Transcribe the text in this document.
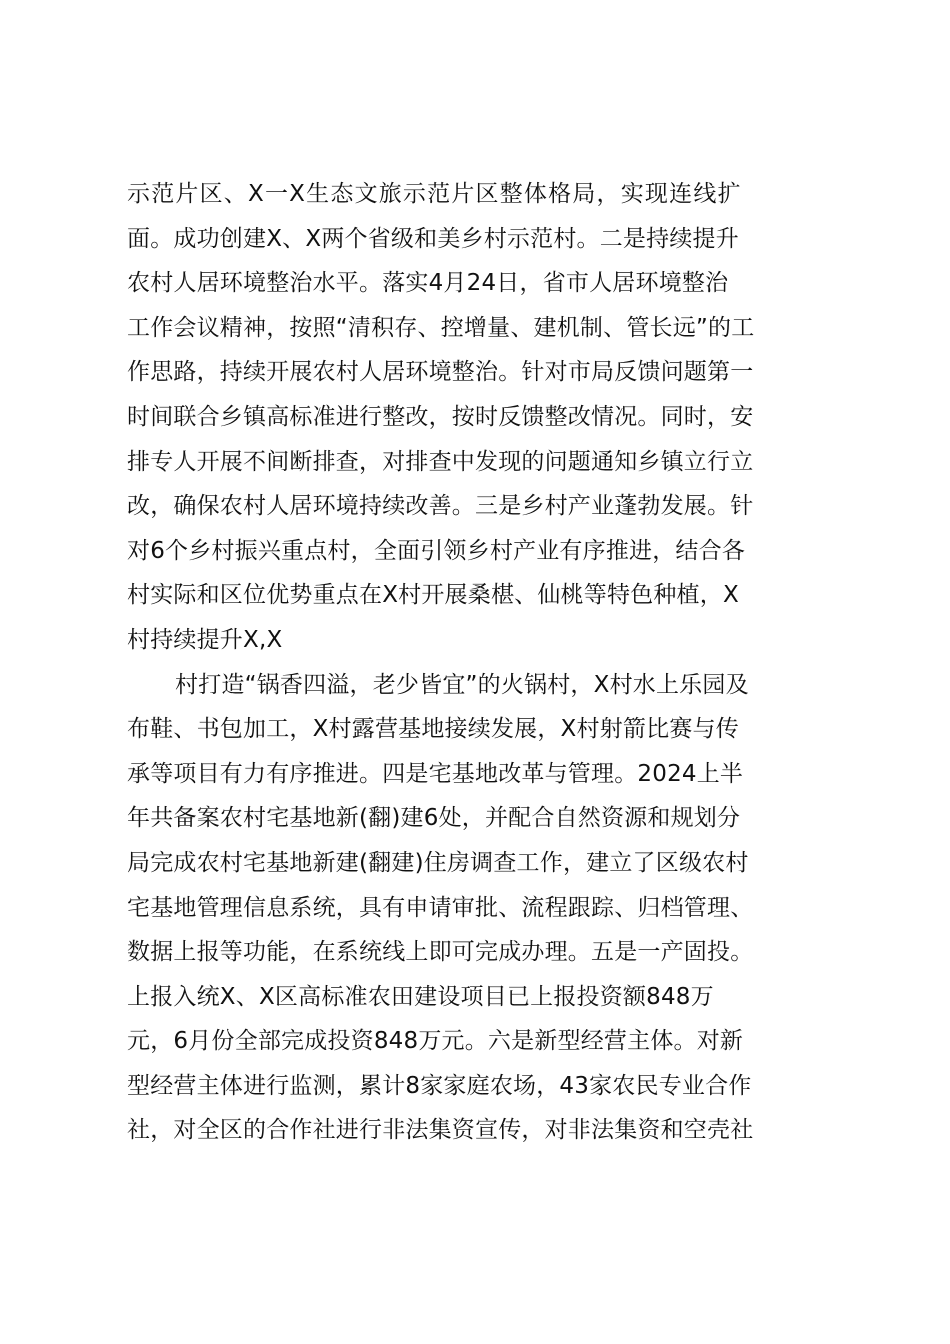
示范片区、X一X生态文旅示范片区整体格局，实现连线扩
面。成功创建X、X两个省级和美乡村示范村。二是持续提升
农村人居环境整治水平。落实4月24日，省市人居环境整治
工作会议精神，按照“清积存、控增量、建机制、管长远”的工
作思路，持续开展农村人居环境整治。针对市局反馈问题第一
时间联合乡镇高标准进行整改，按时反馈整改情况。同时，安
排专人开展不间断排查，对排查中发现的问题通知乡镇立行立
改，确保农村人居环境持续改善。三是乡村产业蓬勃发展。针
对6个乡村振兴重点村，全面引领乡村产业有序推进，结合各
村实际和区位优势重点在X村开展桑椹、仙桃等特色种植，X
村持续提升X,X
村打造“锅香四溢，老少皆宜”的火锅村，X村水上乐园及
布鞋、书包加工，X村露营基地接续发展，X村射箭比赛与传
承等项目有力有序推进。四是宅基地改革与管理。2024上半
年共备案农村宅基地新(翻)建6处，并配合自然资源和规划分
局完成农村宅基地新建(翻建)住房调查工作，建立了区级农村
宅基地管理信息系统，具有申请审批、流程跟踪、归档管理、
数据上报等功能，在系统线上即可完成办理。五是一产固投。
上报入统X、X区高标准农田建设项目已上报投资额848万
元，6月份全部完成投资848万元。六是新型经营主体。对新
型经营主体进行监测，累计8家家庭农场，43家农民专业合作
社，对全区的合作社进行非法集资宣传，对非法集资和空壳社
